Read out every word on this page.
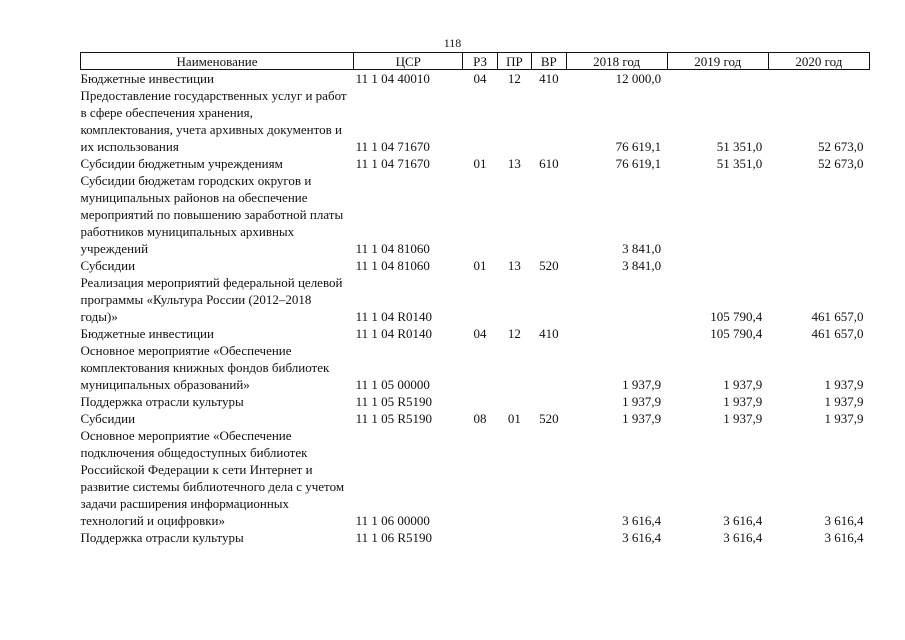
118
Наименование	ЦСР	РЗ	ПР	ВР	2018 год	2019 год	2020 год
Бюджетные инвестиции	11 1 04 40010	04	12	410	12 000,0		
Предоставление государственных услуг и работ в сфере обеспечения хранения, комплектования, учета архивных документов и их использования	11 1 04 71670				76 619,1	51 351,0	52 673,0
Субсидии бюджетным учреждениям	11 1 04 71670	01	13	610	76 619,1	51 351,0	52 673,0
Субсидии бюджетам городских округов и муниципальных районов на обеспечение мероприятий по повышению заработной платы работников муниципальных архивных учреждений	11 1 04 81060				3 841,0		
Субсидии	11 1 04 81060	01	13	520	3 841,0		
Реализация мероприятий федеральной целевой программы «Культура России (2012–2018 годы)»	11 1 04 R0140					105 790,4	461 657,0
Бюджетные инвестиции	11 1 04 R0140	04	12	410		105 790,4	461 657,0
Основное мероприятие «Обеспечение комплектования книжных фондов библиотек муниципальных образований»	11 1 05 00000				1 937,9	1 937,9	1 937,9
Поддержка отрасли культуры	11 1 05 R5190				1 937,9	1 937,9	1 937,9
Субсидии	11 1 05 R5190	08	01	520	1 937,9	1 937,9	1 937,9
Основное мероприятие «Обеспечение подключения общедоступных библиотек Российской Федерации к сети Интернет и развитие системы библиотечного дела с учетом задачи расширения информационных технологий и оцифровки»	11 1 06 00000				3 616,4	3 616,4	3 616,4
Поддержка отрасли культуры	11 1 06 R5190				3 616,4	3 616,4	3 616,4
